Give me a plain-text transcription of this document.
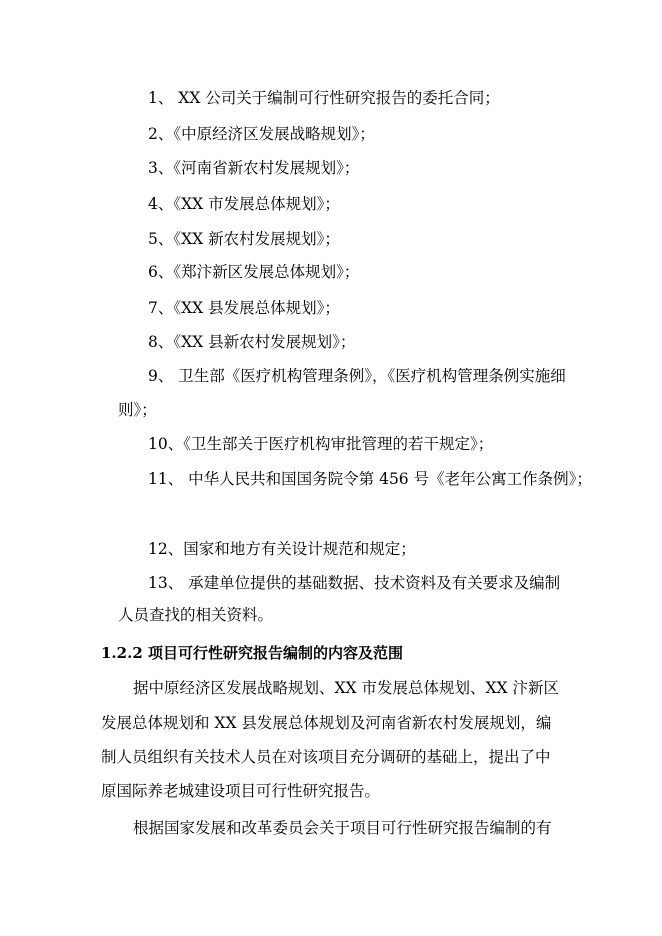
1、 XX 公司关于编制可行性研究报告的委托合同；
2、《中原经济区发展战略规划》；
3、《河南省新农村发展规划》；
4、《XX 市发展总体规划》；
5、《XX 新农村发展规划》；
6、《郑汴新区发展总体规划》；
7、《XX 县发展总体规划》；
8、《XX 县新农村发展规划》；
9、 卫生部《医疗机构管理条例》，《医疗机构管理条例实施细
则》；
10、《卫生部关于医疗机构审批管理的若干规定》；
11、 中华人民共和国国务院令第 456 号《老年公寓工作条例》；
12、国家和地方有关设计规范和规定；
13、 承建单位提供的基础数据、技术资料及有关要求及编制
人员查找的相关资料。
1.2.2 项目可行性研究报告编制的内容及范围
据中原经济区发展战略规划、XX 市发展总体规划、XX 汴新区
发展总体规划和 XX 县发展总体规划及河南省新农村发展规划，编
制人员组织有关技术人员在对该项目充分调研的基础上，提出了中
原国际养老城建设项目可行性研究报告。
根据国家发展和改革委员会关于项目可行性研究报告编制的有
